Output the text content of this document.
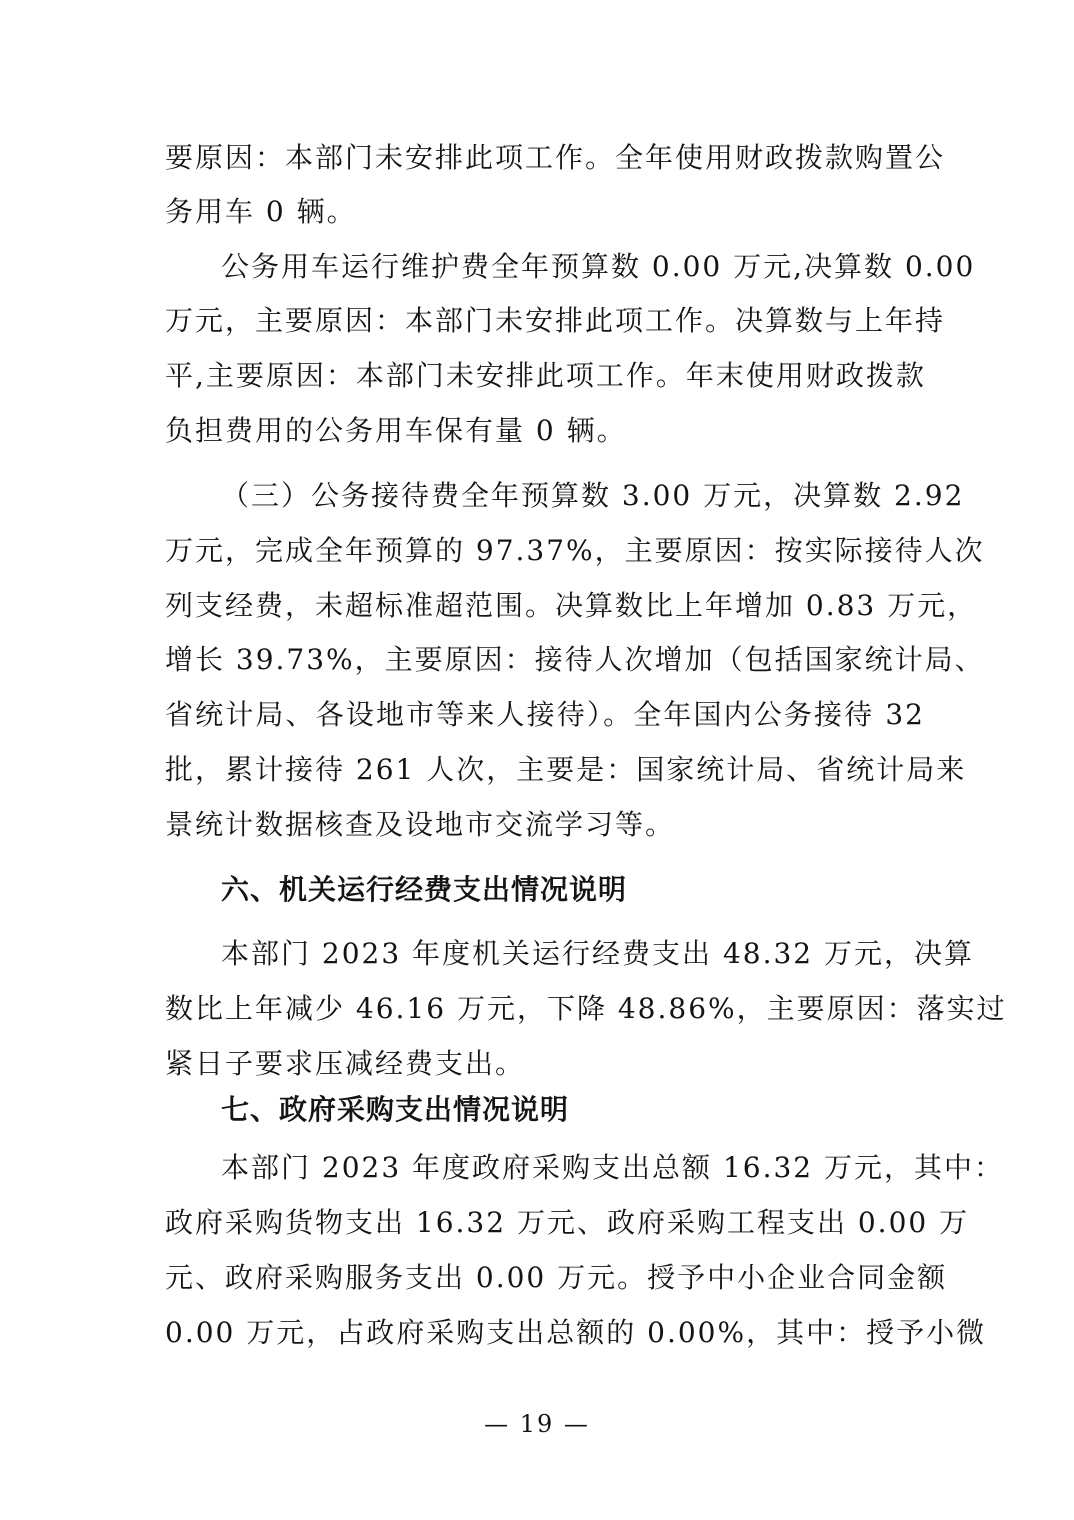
要原因：本部门未安排此项工作。全年使用财政拨款购置公
务用车 0 辆。
公务用车运行维护费全年预算数 0.00 万元,决算数 0.00
万元，主要原因：本部门未安排此项工作。决算数与上年持
平,主要原因：本部门未安排此项工作。年末使用财政拨款
负担费用的公务用车保有量 0 辆。
（三）公务接待费全年预算数 3.00 万元，决算数 2.92
万元，完成全年预算的 97.37%，主要原因：按实际接待人次
列支经费，未超标准超范围。决算数比上年增加 0.83 万元，
增长 39.73%，主要原因：接待人次增加（包括国家统计局、
省统计局、各设地市等来人接待）。全年国内公务接待 32
批，累计接待 261 人次，主要是：国家统计局、省统计局来
景统计数据核查及设地市交流学习等。
六、机关运行经费支出情况说明
本部门 2023 年度机关运行经费支出 48.32 万元，决算
数比上年减少 46.16 万元，下降 48.86%，主要原因：落实过
紧日子要求压减经费支出。
七、政府采购支出情况说明
本部门 2023 年度政府采购支出总额 16.32 万元，其中：
政府采购货物支出 16.32 万元、政府采购工程支出 0.00 万
元、政府采购服务支出 0.00 万元。授予中小企业合同金额
0.00 万元，占政府采购支出总额的 0.00%，其中：授予小微
— 19 —
